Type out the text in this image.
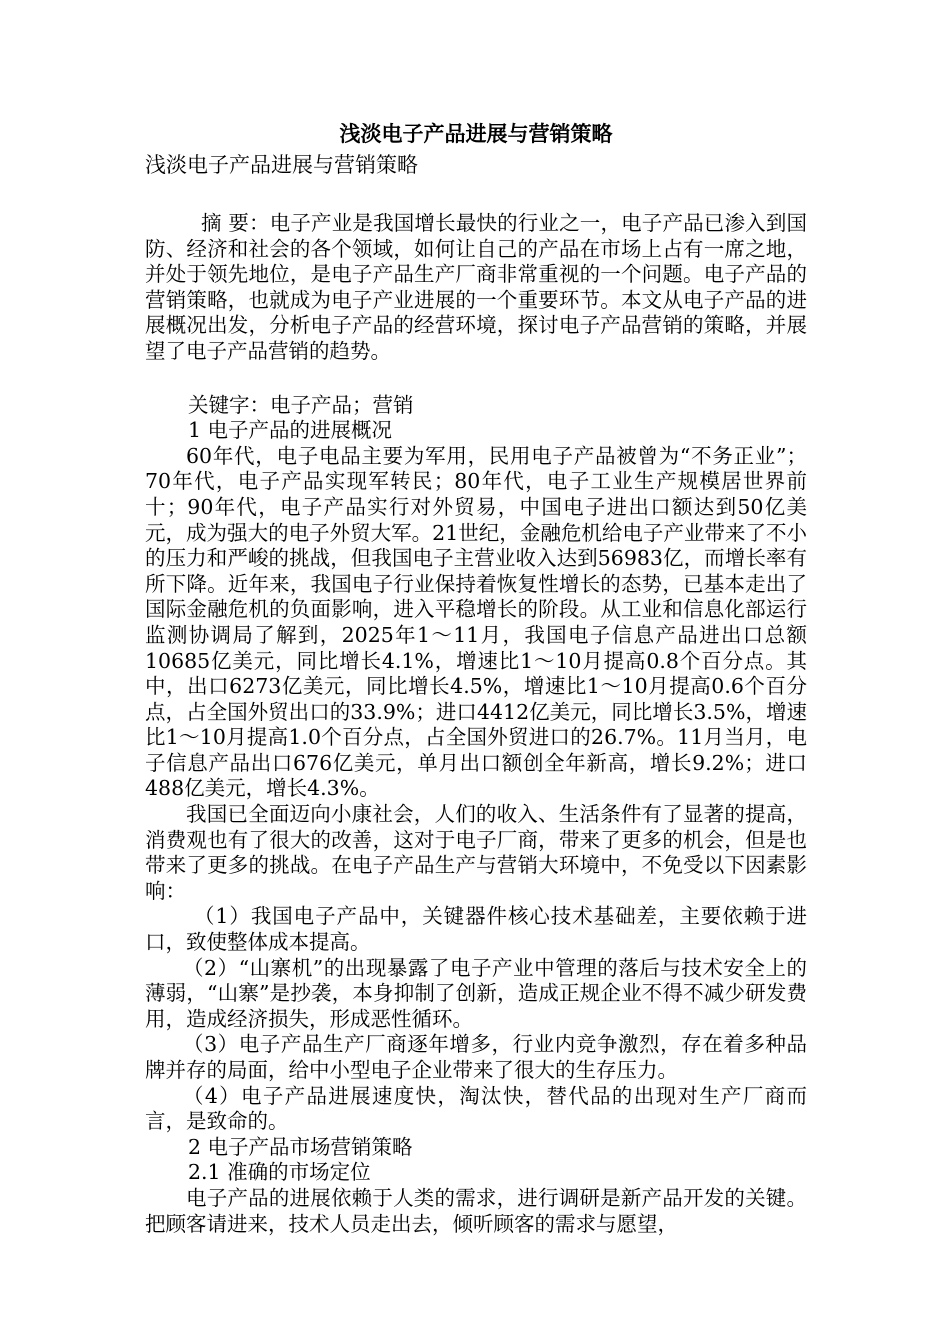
浅淡电子产品进展与营销策略

浅淡电子产品进展与营销策略

摘 要：电子产业是我国增长最快的行业之一，电子产品已渗入到国防、经济和社会的各个领域，如何让自己的产品在市场上占有一席之地，并处于领先地位，是电子产品生产厂商非常重视的一个问题。电子产品的营销策略，也就成为电子产业进展的一个重要环节。本文从电子产品的进展概况出发，分析电子产品的经营环境，探讨电子产品营销的策略，并展望了电子产品营销的趋势。

关键字：电子产品；营销

1 电子产品的进展概况

60年代，电子电品主要为军用，民用电子产品被曾为“不务正业”；70年代，电子产品实现军转民；80年代，电子工业生产规模居世界前十；90年代，电子产品实行对外贸易，中国电子进出口额达到50亿美元，成为强大的电子外贸大军。21世纪，金融危机给电子产业带来了不小的压力和严峻的挑战，但我国电子主营业收入达到56983亿，而增长率有所下降。近年来，我国电子行业保持着恢复性增长的态势，已基本走出了国际金融危机的负面影响，进入平稳增长的阶段。从工业和信息化部运行监测协调局了解到，2025年1～11月，我国电子信息产品进出口总额10685亿美元，同比增长4.1%，增速比1～10月提高0.8个百分点。其中，出口6273亿美元，同比增长4.5%，增速比1～10月提高0.6个百分点，占全国外贸出口的33.9%；进口4412亿美元，同比增长3.5%，增速比1～10月提高1.0个百分点，占全国外贸进口的26.7%。11月当月，电子信息产品出口676亿美元，单月出口额创全年新高，增长9.2%；进口488亿美元，增长4.3%。

我国已全面迈向小康社会，人们的收入、生活条件有了显著的提高，消费观也有了很大的改善，这对于电子厂商，带来了更多的机会，但是也带来了更多的挑战。在电子产品生产与营销大环境中，不免受以下因素影响：

（1）我国电子产品中，关键器件核心技术基础差，主要依赖于进口，致使整体成本提高。

（2）“山寨机”的出现暴露了电子产业中管理的落后与技术安全上的薄弱，“山寨”是抄袭，本身抑制了创新，造成正规企业不得不减少研发费用，造成经济损失，形成恶性循环。

（3）电子产品生产厂商逐年增多，行业内竞争激烈，存在着多种品牌并存的局面，给中小型电子企业带来了很大的生存压力。

（4）电子产品进展速度快，淘汰快，替代品的出现对生产厂商而言，是致命的。

2 电子产品市场营销策略

2.1 准确的市场定位

电子产品的进展依赖于人类的需求，进行调研是新产品开发的关键。把顾客请进来，技术人员走出去，倾听顾客的需求与愿望，
